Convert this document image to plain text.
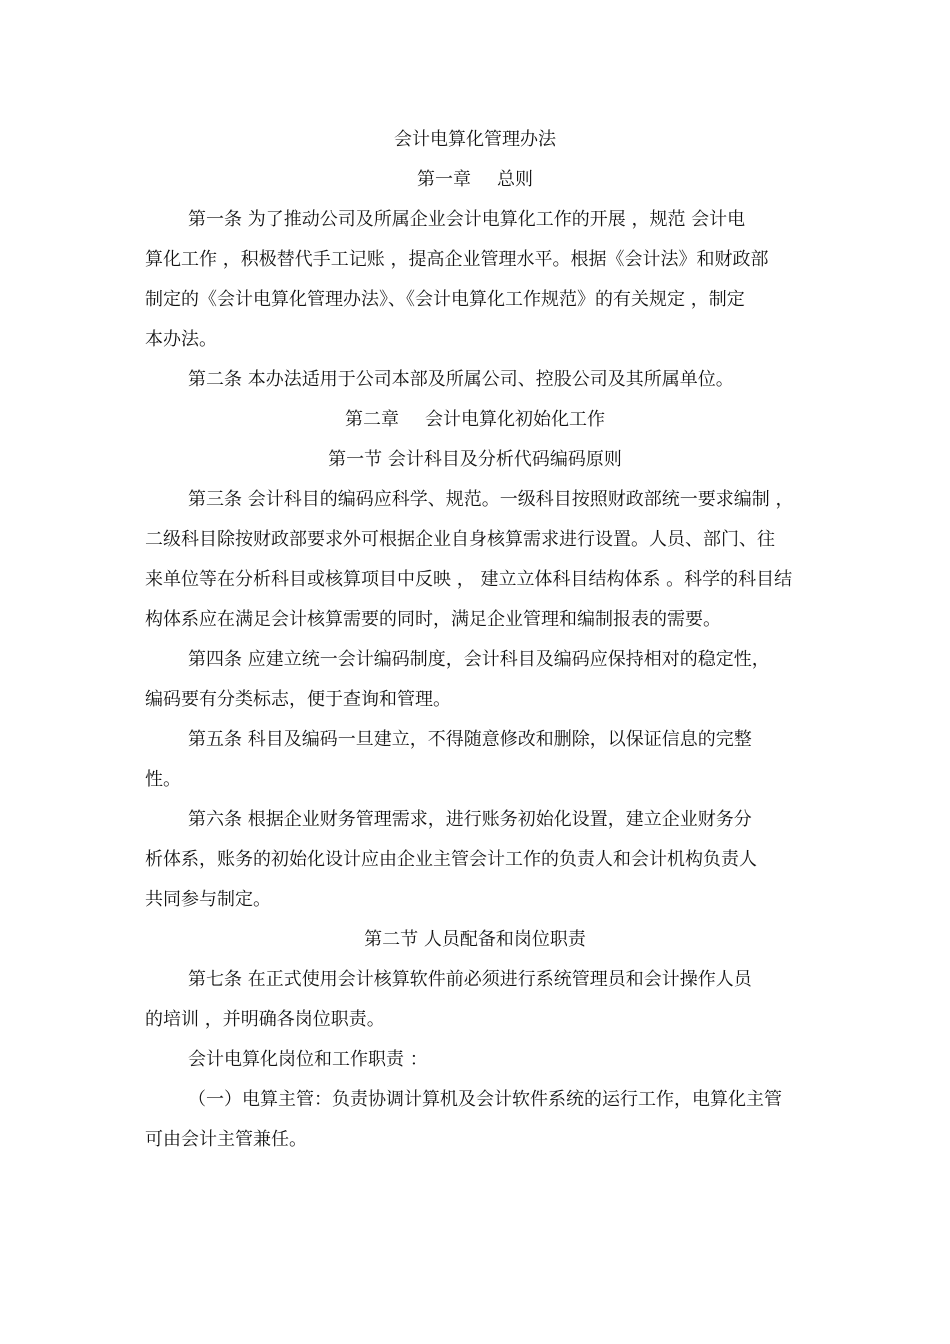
会计电算化管理办法
第一章 总则
第一条 为了推动公司及所属企业会计电算化工作的开展 ，规范 会计电
算化工作 ，积极替代手工记账 ，提高企业管理水平。根据《会计法》和财政部
制定的《会计电算化管理办法》、《会计电算化工作规范》的有关规定 ，制定
本办法。
第二条 本办法适用于公司本部及所属公司、控股公司及其所属单位。
第二章 会计电算化初始化工作
第一节 会计科目及分析代码编码原则
第三条 会计科目的编码应科学、规范。一级科目按照财政部统一要求编制 ，
二级科目除按财政部要求外可根据企业自身核算需求进行设置。人员、部门、往
来单位等在分析科目或核算项目中反映 ， 建立立体科目结构体系 。科学的科目结
构体系应在满足会计核算需要的同时，满足企业管理和编制报表的需要。
第四条 应建立统一会计编码制度，会计科目及编码应保持相对的稳定性，
编码要有分类标志，便于查询和管理。
第五条 科目及编码一旦建立，不得随意修改和删除，以保证信息的完整
性。
第六条 根据企业财务管理需求，进行账务初始化设置，建立企业财务分
析体系，账务的初始化设计应由企业主管会计工作的负责人和会计机构负责人
共同参与制定。
第二节 人员配备和岗位职责
第七条 在正式使用会计核算软件前必须进行系统管理员和会计操作人员
的培训 ，并明确各岗位职责。
会计电算化岗位和工作职责 ：
（一）电算主管：负责协调计算机及会计软件系统的运行工作，电算化主管
可由会计主管兼任。
